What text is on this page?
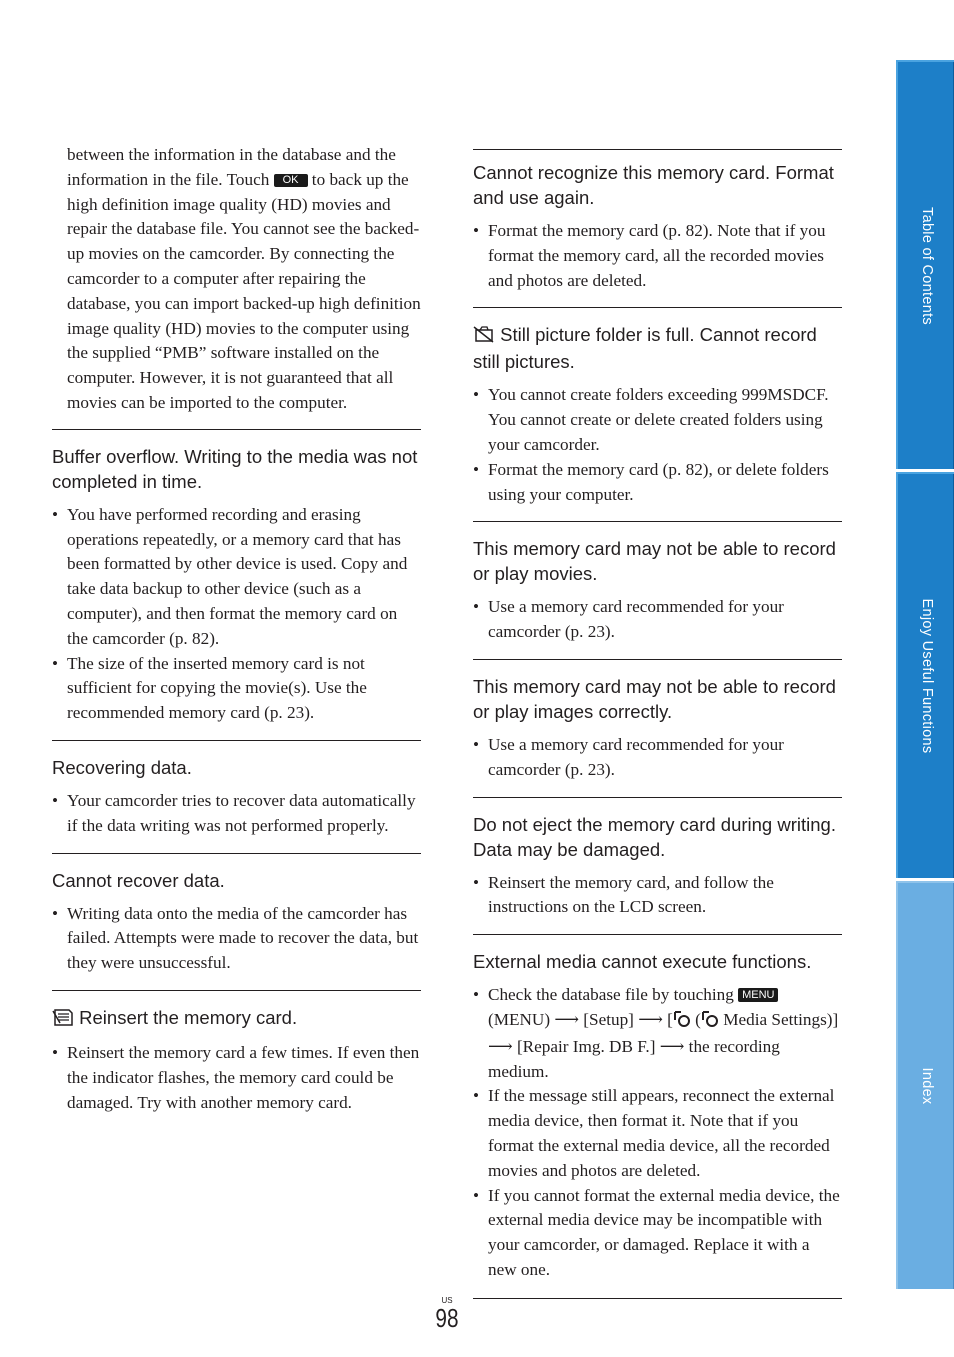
between the information in the database and the information in the file. Touch OK to back up the high definition image quality (HD) movies and repair the database file. You cannot see the backed-up movies on the camcorder. By connecting the camcorder to a computer after repairing the database, you can import backed-up high definition image quality (HD) movies to the computer using the supplied “PMB” software installed on the computer. However, it is not guaranteed that all movies can be imported to the computer.
Buffer overflow. Writing to the media was not completed in time.
• You have performed recording and erasing operations repeatedly, or a memory card that has been formatted by other device is used. Copy and take data backup to other device (such as a computer), and then format the memory card on the camcorder (p. 82).
• The size of the inserted memory card is not sufficient for copying the movie(s). Use the recommended memory card (p. 23).
Recovering data.
• Your camcorder tries to recover data automatically if the data writing was not performed properly.
Cannot recover data.
• Writing data onto the media of the camcorder has failed. Attempts were made to recover the data, but they were unsuccessful.
Reinsert the memory card.
• Reinsert the memory card a few times. If even then the indicator flashes, the memory card could be damaged. Try with another memory card.
Cannot recognize this memory card. Format and use again.
• Format the memory card (p. 82). Note that if you format the memory card, all the recorded movies and photos are deleted.
Still picture folder is full. Cannot record still pictures.
• You cannot create folders exceeding 999MSDCF. You cannot create or delete created folders using your camcorder.
• Format the memory card (p. 82), or delete folders using your computer.
This memory card may not be able to record or play movies.
• Use a memory card recommended for your camcorder (p. 23).
This memory card may not be able to record or play images correctly.
• Use a memory card recommended for your camcorder (p. 23).
Do not eject the memory card during writing. Data may be damaged.
• Reinsert the memory card, and follow the instructions on the LCD screen.
External media cannot execute functions.
• Check the database file by touching MENU (MENU) ⟶ [Setup] ⟶ [ ( Media Settings)] ⟶ [Repair Img. DB F.] ⟶ the recording medium.
• If the message still appears, reconnect the external media device, then format it. Note that if you format the external media device, all the recorded movies and photos are deleted.
• If you cannot format the external media device, the external media device may be incompatible with your camcorder, or damaged. Replace it with a new one.
Table of Contents
Enjoy Useful Functions
Index
US
98
